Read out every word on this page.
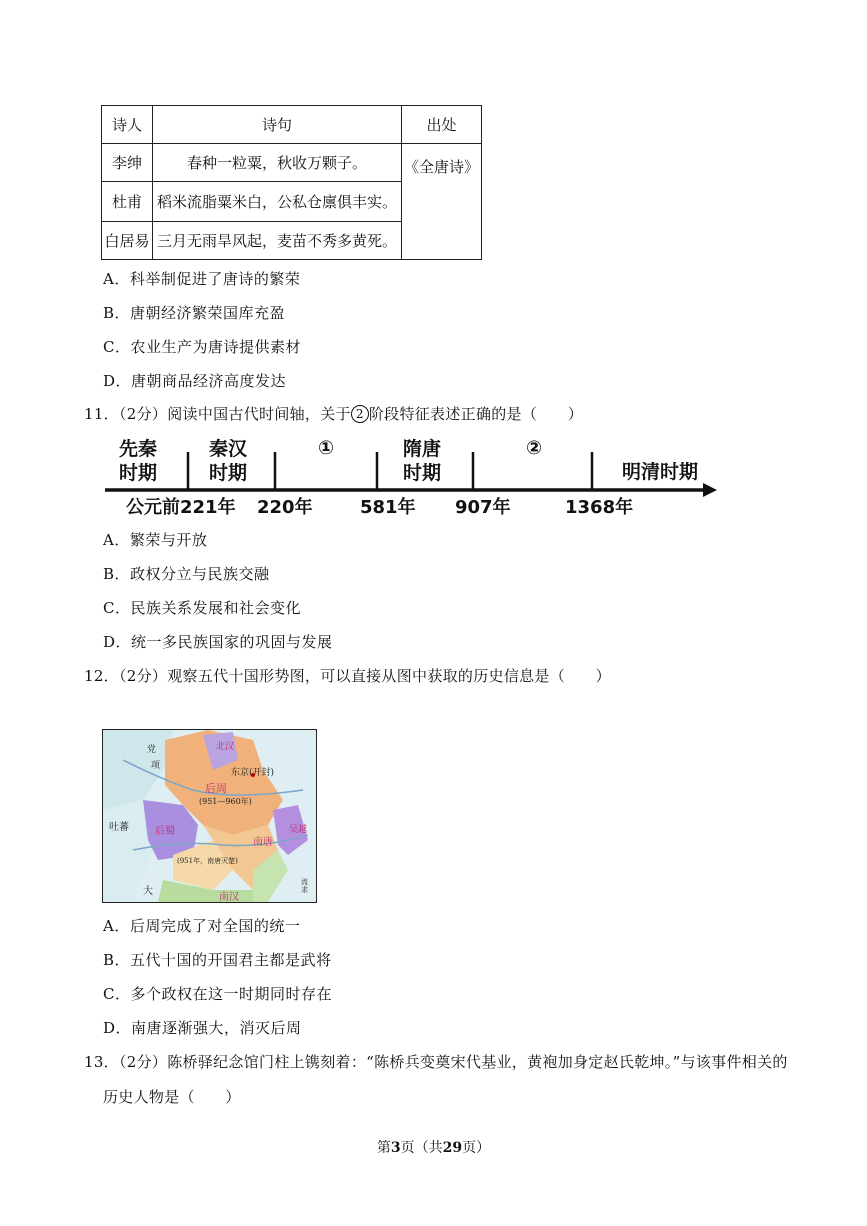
诗人	诗句	出处
李绅	春种一粒粟，秋收万颗子。	《全唐诗》
杜甫	稻米流脂粟米白，公私仓廪俱丰实。	
白居易	三月无雨旱风起，麦苗不秀多黄死。	
A．科举制促进了唐诗的繁荣
B．唐朝经济繁荣国库充盈
C．农业生产为唐诗提供素材
D．唐朝商品经济高度发达
11．（2分）阅读中国古代时间轴，关于 2 阶段特征表述正确的是（　　）
先秦
时期
秦汉
时期
①	隋唐
时期
②
明清时期
公元前221年 220年	581年 907年	1368年
A．繁荣与开放
B．政权分立与民族交融
C．民族关系发展和社会变化
D．统一多民族国家的巩固与发展
12．（2分）观察五代十国形势图，可以直接从图中获取的历史信息是（　　）
北汉
东京(开封)
后周
(951—960年)
后蜀
南唐
吴越
南汉
吐蕃
大
(951年，南唐灭楚)
项
党
流求
A．后周完成了对全国的统一
B．五代十国的开国君主都是武将
C．多个政权在这一时期同时存在
D．南唐逐渐强大，消灭后周
13．（2分）陈桥驿纪念馆门柱上镌刻着：“陈桥兵变奠宋代基业，黄袍加身定赵氏乾坤。”与该事件相关的
历史人物是（　　）
第3页（共29页）
